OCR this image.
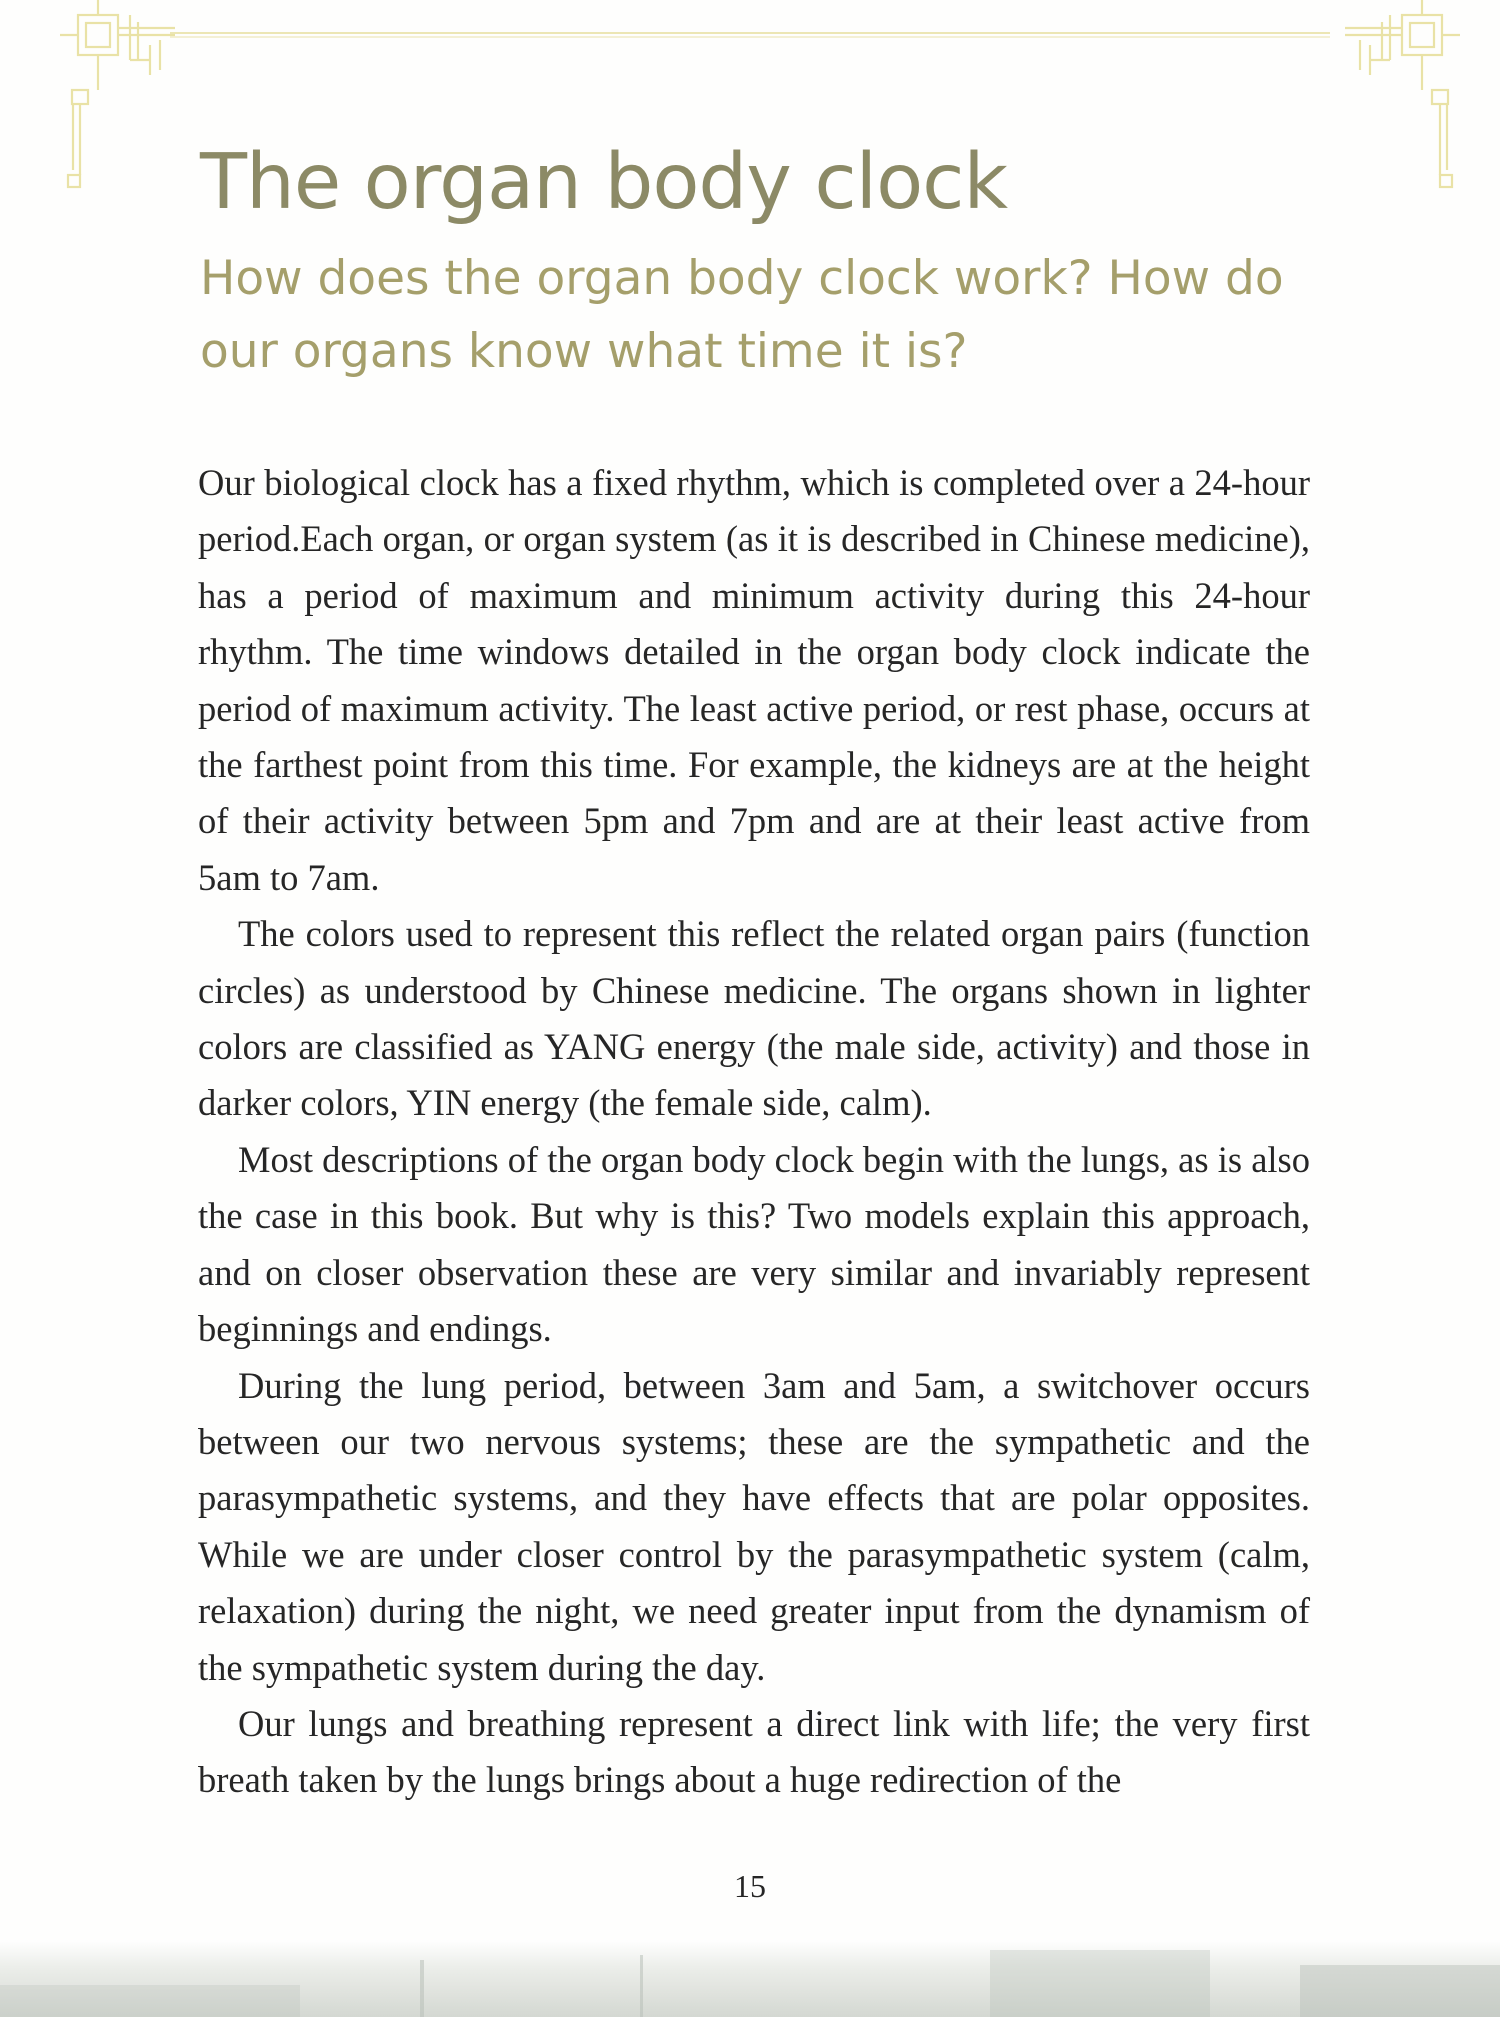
The organ body clock
How does the organ body clock work? How do our organs know what time it is?

Our biological clock has a fixed rhythm, which is completed over a 24-hour period.Each organ, or organ system (as it is described in Chinese medicine), has a period of maximum and minimum activity during this 24-hour rhythm. The time windows detailed in the organ body clock indicate the period of maximum activity. The least active period, or rest phase, occurs at the farthest point from this time. For example, the kidneys are at the height of their activity between 5pm and 7pm and are at their least active from 5am to 7am.

The colors used to represent this reflect the related organ pairs (function circles) as understood by Chinese medicine. The organs shown in lighter colors are classified as YANG energy (the male side, activity) and those in darker colors, YIN energy (the female side, calm).

Most descriptions of the organ body clock begin with the lungs, as is also the case in this book. But why is this? Two models explain this approach, and on closer observation these are very similar and invariably represent beginnings and endings.

During the lung period, between 3am and 5am, a switchover occurs between our two nervous systems; these are the sympathetic and the parasympathetic systems, and they have effects that are polar opposites. While we are under closer control by the parasympathetic system (calm, relaxation) during the night, we need greater input from the dynamism of the sympathetic system during the day.

Our lungs and breathing represent a direct link with life; the very first breath taken by the lungs brings about a huge redirection of the

15
